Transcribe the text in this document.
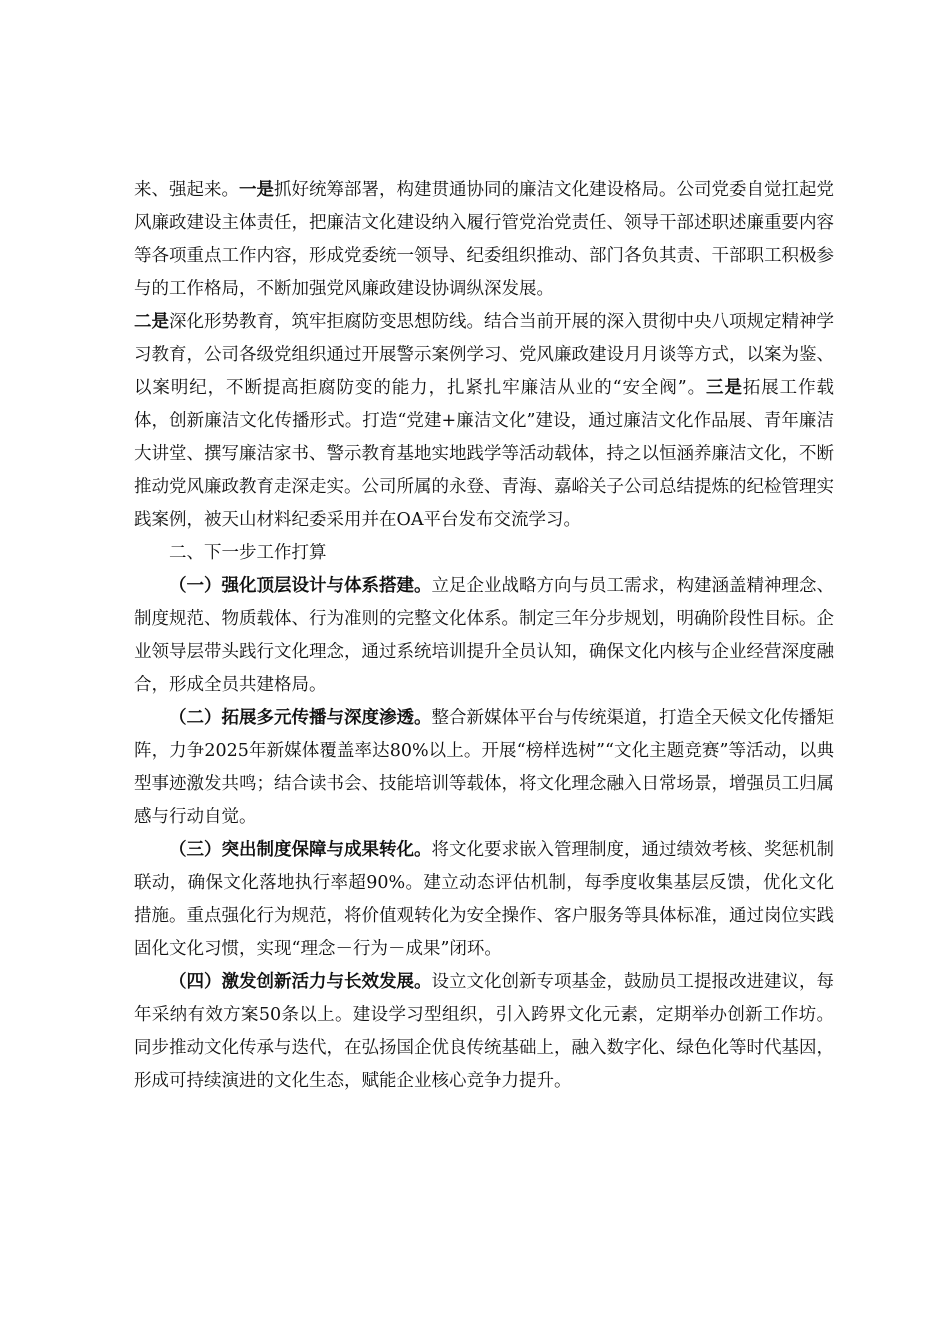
来、强起来。一是抓好统筹部署，构建贯通协同的廉洁文化建设格局。公司党委自觉扛起党风廉政建设主体责任，把廉洁文化建设纳入履行管党治党责任、领导干部述职述廉重要内容等各项重点工作内容，形成党委统一领导、纪委组织推动、部门各负其责、干部职工积极参与的工作格局，不断加强党风廉政建设协调纵深发展。
二是深化形势教育，筑牢拒腐防变思想防线。结合当前开展的深入贯彻中央八项规定精神学习教育，公司各级党组织通过开展警示案例学习、党风廉政建设月月谈等方式，以案为鉴、以案明纪，不断提高拒腐防变的能力，扎紧扎牢廉洁从业的“安全阀”。三是拓展工作载体，创新廉洁文化传播形式。打造“党建+廉洁文化”建设，通过廉洁文化作品展、青年廉洁大讲堂、撰写廉洁家书、警示教育基地实地践学等活动载体，持之以恒涵养廉洁文化，不断推动党风廉政教育走深走实。公司所属的永登、青海、嘉峪关子公司总结提炼的纪检管理实践案例，被天山材料纪委采用并在OA平台发布交流学习。

二、下一步工作打算

（一）强化顶层设计与体系搭建。立足企业战略方向与员工需求，构建涵盖精神理念、制度规范、物质载体、行为准则的完整文化体系。制定三年分步规划，明确阶段性目标。企业领导层带头践行文化理念，通过系统培训提升全员认知，确保文化内核与企业经营深度融合，形成全员共建格局。

（二）拓展多元传播与深度渗透。整合新媒体平台与传统渠道，打造全天候文化传播矩阵，力争2025年新媒体覆盖率达80%以上。开展“榜样选树”“文化主题竞赛”等活动，以典型事迹激发共鸣；结合读书会、技能培训等载体，将文化理念融入日常场景，增强员工归属感与行动自觉。

（三）突出制度保障与成果转化。将文化要求嵌入管理制度，通过绩效考核、奖惩机制联动，确保文化落地执行率超90%。建立动态评估机制，每季度收集基层反馈，优化文化措施。重点强化行为规范，将价值观转化为安全操作、客户服务等具体标准，通过岗位实践固化文化习惯，实现“理念－行为－成果”闭环。

（四）激发创新活力与长效发展。设立文化创新专项基金，鼓励员工提报改进建议，每年采纳有效方案50条以上。建设学习型组织，引入跨界文化元素，定期举办创新工作坊。同步推动文化传承与迭代，在弘扬国企优良传统基础上，融入数字化、绿色化等时代基因，形成可持续演进的文化生态，赋能企业核心竞争力提升。
